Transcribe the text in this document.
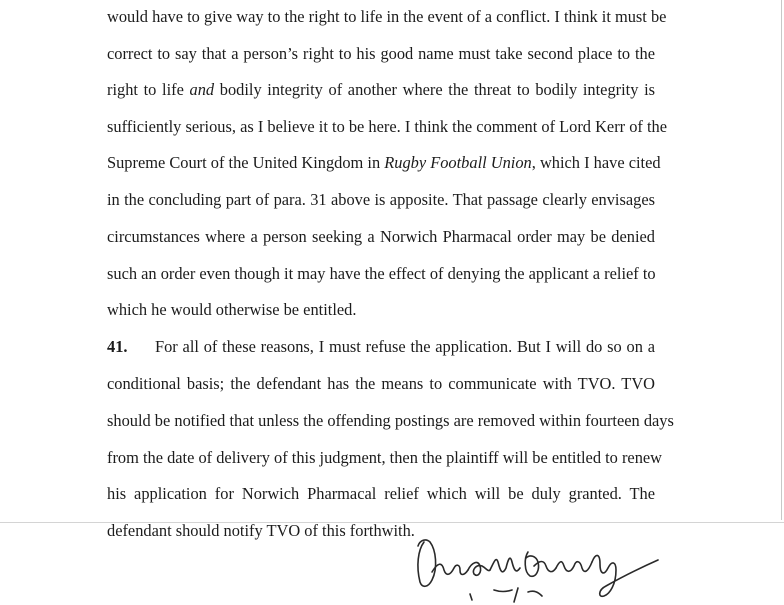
would have to give way to the right to life in the event of a conflict. I think it must be
correct to say that a person’s right to his good name must take second place to the
right to life and bodily integrity of another where the threat to bodily integrity is
sufficiently serious, as I believe it to be here. I think the comment of Lord Kerr of the
Supreme Court of the United Kingdom in Rugby Football Union, which I have cited
in the concluding part of para. 31 above is apposite. That passage clearly envisages
circumstances where a person seeking a Norwich Pharmacal order may be denied
such an order even though it may have the effect of denying the applicant a relief to
which he would otherwise be entitled.
41. For all of these reasons, I must refuse the application. But I will do so on a
conditional basis; the defendant has the means to communicate with TVO. TVO
should be notified that unless the offending postings are removed within fourteen days
from the date of delivery of this judgment, then the plaintiff will be entitled to renew
his application for Norwich Pharmacal relief which will be duly granted. The
defendant should notify TVO of this forthwith.
